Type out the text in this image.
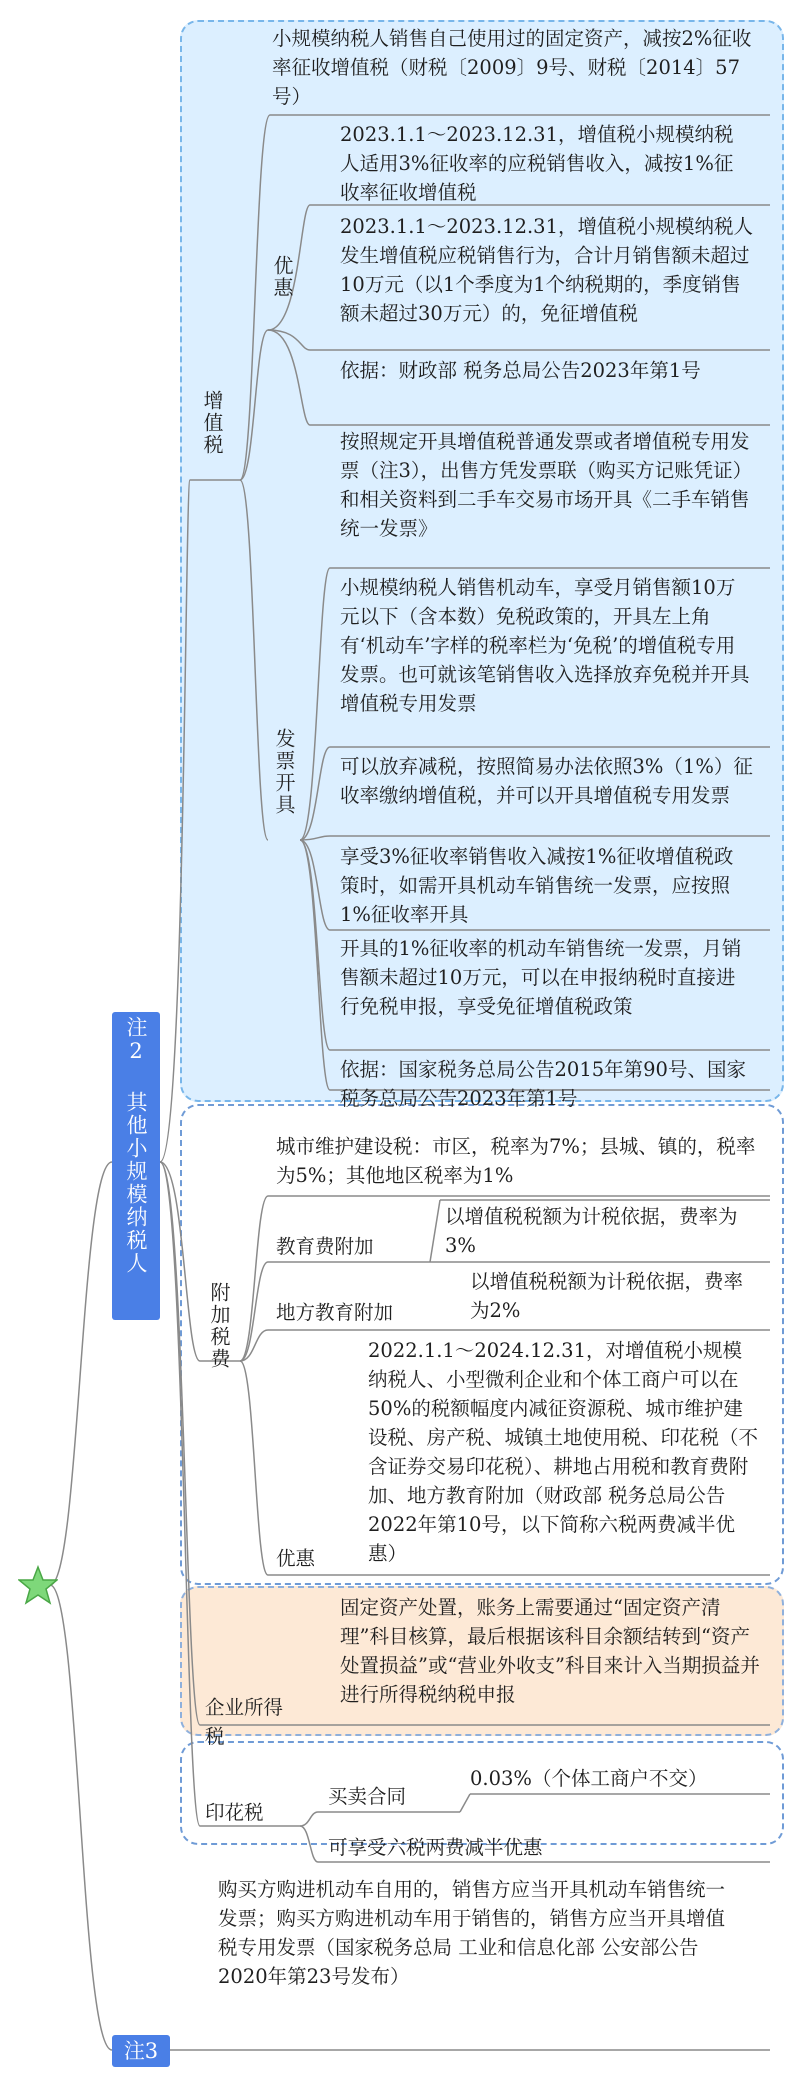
注2 其他小规模纳税人
注3
购买方购进机动车自用的，销售方应当开具机动车销售统一发票；购买方购进机动车用于销售的，销售方应当开具增值税专用发票（国家税务总局 工业和信息化部 公安部公告2020年第23号发布）
增值税
小规模纳税人销售自己使用过的固定资产，减按2%征收率征收增值税（财税〔2009〕9号、财税〔2014〕57号）
优惠
2023.1.1～2023.12.31，增值税小规模纳税人适用3%征收率的应税销售收入，减按1%征收率征收增值税
2023.1.1～2023.12.31，增值税小规模纳税人发生增值税应税销售行为，合计月销售额未超过10万元（以1个季度为1个纳税期的，季度销售额未超过30万元）的，免征增值税
依据：财政部 税务总局公告2023年第1号
发票开具
按照规定开具增值税普通发票或者增值税专用发票（注3），出售方凭发票联（购买方记账凭证）和相关资料到二手车交易市场开具《二手车销售统一发票》
小规模纳税人销售机动车，享受月销售额10万元以下（含本数）免税政策的，开具左上角有‘机动车’字样的税率栏为‘免税’的增值税专用发票。也可就该笔销售收入选择放弃免税并开具增值税专用发票
可以放弃减税，按照简易办法依照3%（1%）征收率缴纳增值税，并可以开具增值税专用发票
享受3%征收率销售收入减按1%征收增值税政策时，如需开具机动车销售统一发票，应按照1%征收率开具
开具的1%征收率的机动车销售统一发票，月销售额未超过10万元，可以在申报纳税时直接进行免税申报，享受免征增值税政策
依据：国家税务总局公告2015年第90号、国家税务总局公告2023年第1号
附加税费
城市维护建设税：市区，税率为7%；县城、镇的，税率为5%；其他地区税率为1%
教育费附加
以增值税税额为计税依据，费率为3%
地方教育附加
以增值税税额为计税依据，费率为2%
优惠
2022.1.1～2024.12.31，对增值税小规模纳税人、小型微利企业和个体工商户可以在50%的税额幅度内减征资源税、城市维护建设税、房产税、城镇土地使用税、印花税（不含证券交易印花税）、耕地占用税和教育费附加、地方教育附加（财政部 税务总局公告2022年第10号，以下简称六税两费减半优惠）
企业所得税
固定资产处置，账务上需要通过“固定资产清理”科目核算，最后根据该科目余额结转到“资产处置损益”或“营业外收支”科目来计入当期损益并进行所得税纳税申报
印花税
买卖合同
0.03%（个体工商户不交）
可享受六税两费减半优惠
